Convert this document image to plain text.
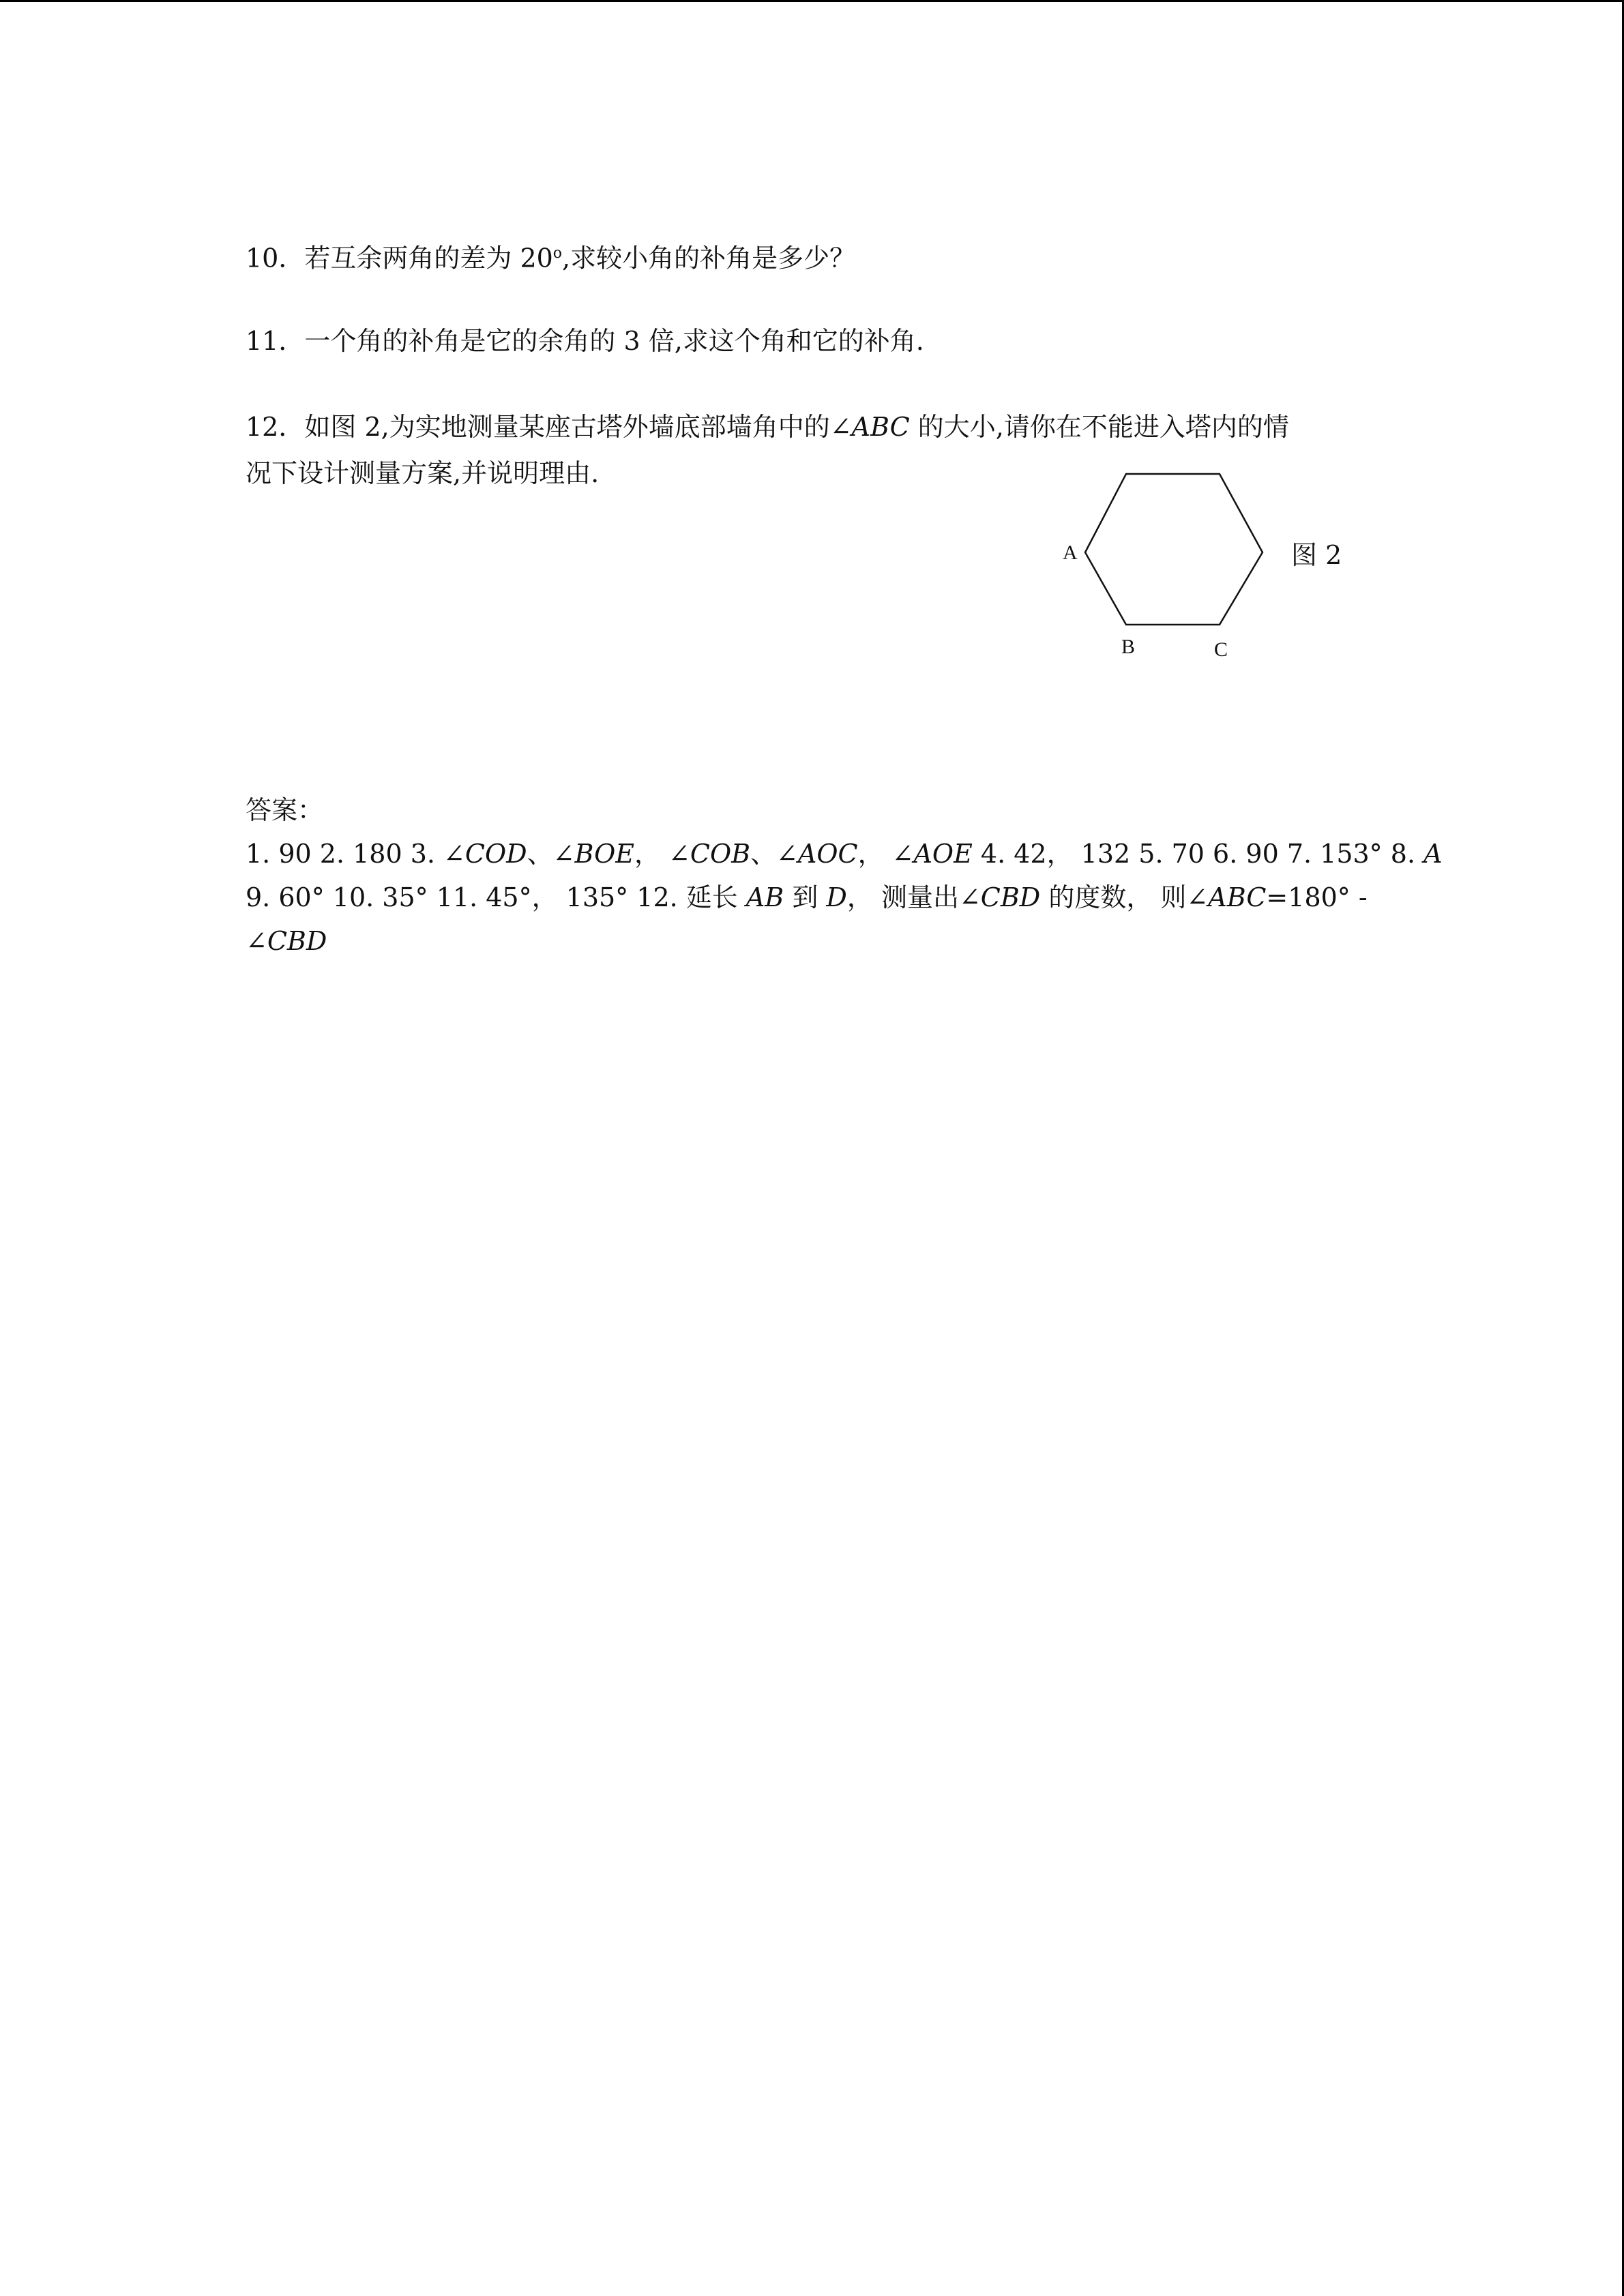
10．若互余两角的差为 20$^o$,求较小角的补角是多少？
11．一个角的补角是它的余角的 3 倍,求这个角和它的补角.
12．如图 2,为实地测量某座古塔外墙底部墙角中的∠ABC 的大小,请你在不能进入塔内的情
况下设计测量方案,并说明理由.
A
B	C
图 2
答案：
1. 90 2. 180 3. ∠COD、∠BOE， ∠COB、∠AOC， ∠AOE 4. 42， 132 5. 70 6. 90 7. 153° 8. A
9. 60° 10. 35° 11. 45°， 135° 12. 延长 AB 到 D， 测量出∠CBD 的度数， 则∠ABC=180° -
∠CBD
